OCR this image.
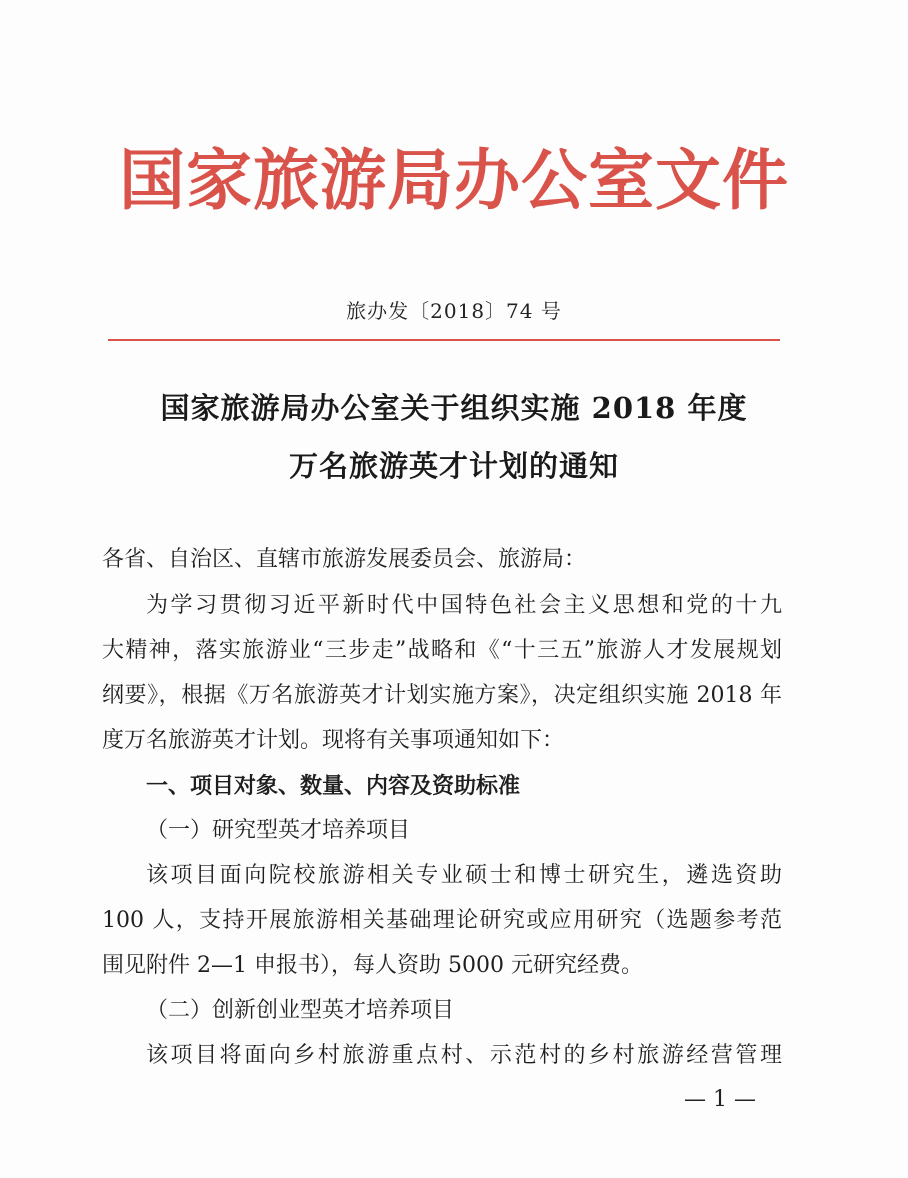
国家旅游局办公室文件
旅办发〔2018〕74 号
国家旅游局办公室关于组织实施 2018 年度
万名旅游英才计划的通知
各省、自治区、直辖市旅游发展委员会、旅游局：
为学习贯彻习近平新时代中国特色社会主义思想和党的十九
大精神，落实旅游业“三步走”战略和《“十三五”旅游人才发展规划
纲要》，根据《万名旅游英才计划实施方案》，决定组织实施 2018 年
度万名旅游英才计划。现将有关事项通知如下：
一、项目对象、数量、内容及资助标准
（一）研究型英才培养项目
该项目面向院校旅游相关专业硕士和博士研究生，遴选资助
100 人，支持开展旅游相关基础理论研究或应用研究（选题参考范
围见附件 2—1 申报书），每人资助 5000 元研究经费。
（二）创新创业型英才培养项目
该项目将面向乡村旅游重点村、示范村的乡村旅游经营管理
— 1 —
